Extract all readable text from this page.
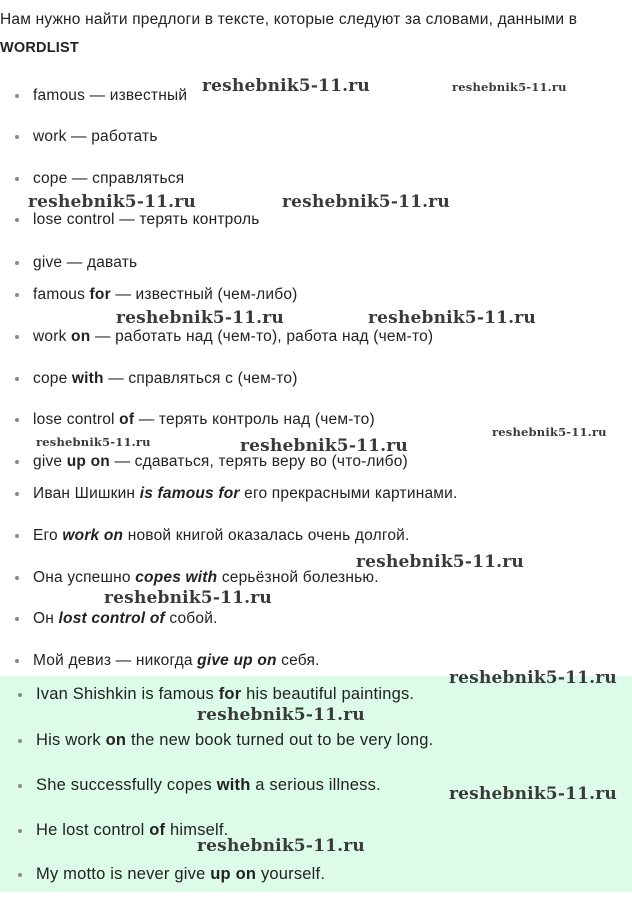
Нам нужно найти предлоги в тексте, которые следуют за словами, данными в
WORDLIST
famous — известный
work — работать
cope — справляться
lose control — терять контроль
give — давать
famous for — известный (чем-либо)
work on — работать над (чем-то), работа над (чем-то)
cope with — справляться с (чем-то)
lose control of — терять контроль над (чем-то)
give up on — сдаваться, терять веру во (что-либо)
Иван Шишкин is famous for его прекрасными картинами.
Его work on новой книгой оказалась очень долгой.
Она успешно copes with серьёзной болезнью.
Он lost control of собой.
Мой девиз — никогда give up on себя.
Ivan Shishkin is famous for his beautiful paintings.
His work on the new book turned out to be very long.
She successfully copes with a serious illness.
He lost control of himself.
My motto is never give up on yourself.
reshebnik5-11.ru	reshebnik5-11.ru
reshebnik5-11.ru	reshebnik5-11.ru
reshebnik5-11.ru	reshebnik5-11.ru
reshebnik5-11.ru
reshebnik5-11.ru	reshebnik5-11.ru
reshebnik5-11.ru
reshebnik5-11.ru
reshebnik5-11.ru
reshebnik5-11.ru
reshebnik5-11.ru
reshebnik5-11.ru
